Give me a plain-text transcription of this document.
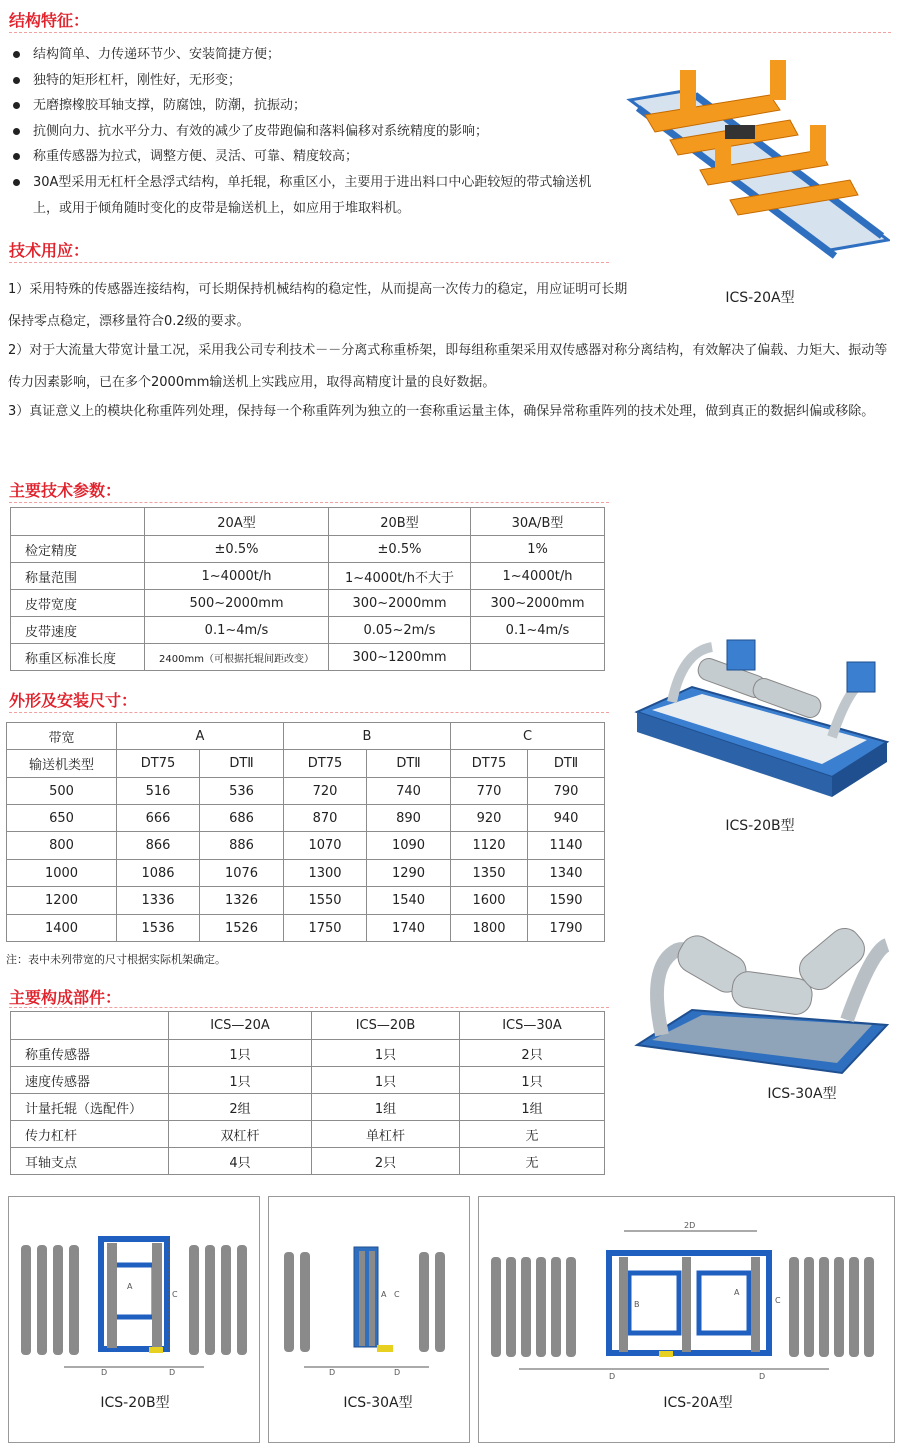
结构特征：
结构简单、力传递环节少、安装简捷方便；
独特的矩形杠杆，刚性好，无形变；
无磨擦橡胶耳轴支撑，防腐蚀，防潮，抗振动；
抗侧向力、抗水平分力、有效的减少了皮带跑偏和落料偏移对系统精度的影响；
称重传感器为拉式，调整方便、灵活、可靠、精度较高；
30A型采用无杠杆全悬浮式结构，单托辊，称重区小，主要用于进出料口中心距较短的带式输送机上，或用于倾角随时变化的皮带是输送机上，如应用于堆取料机。
ICS-20A型
技术用应：
1）采用特殊的传感器连接结构，可长期保持机械结构的稳定性，从而提高一次传力的稳定，用应证明可长期保持零点稳定，漂移量符合0.2级的要求。
2）对于大流量大带宽计量工况，采用我公司专利技术－－分离式称重桥架，即每组称重架采用双传感器对称分离结构，有效解决了偏载、力矩大、振动等传力因素影响，已在多个2000mm输送机上实践应用，取得高精度计量的良好数据。
3）真证意义上的模块化称重阵列处理，保持每一个称重阵列为独立的一套称重运量主体，确保异常称重阵列的技术处理，做到真正的数据纠偏或移除。
主要技术参数：
	20A型	20B型	30A/B型
检定精度	±0.5%	±0.5%	1%
称量范围	1~4000t/h	1~4000t/h不大于	1~4000t/h
皮带宽度	500~2000mm	300~2000mm	300~2000mm
皮带速度	0.1~4m/s	0.05~2m/s	0.1~4m/s
称重区标准长度	2400mm（可根据托辊间距改变）	300~1200mm	
ICS-20B型
外形及安装尺寸：
带宽	A		B		C	
输送机类型	DT75	DTⅡ	DT75	DTⅡ	DT75	DTⅡ
500	516	536	720	740	770	790
650	666	686	870	890	920	940
800	866	886	1070	1090	1120	1140
1000	1086	1076	1300	1290	1350	1340
1200	1336	1326	1550	1540	1600	1590
1400	1536	1526	1750	1740	1800	1790
注：表中未列带宽的尺寸根据实际机架确定。
ICS-30A型
主要构成部件：
	ICS—20A	ICS—20B	ICS—30A
称重传感器	1只	1只	2只
速度传感器	1只	1只	1只
计量托辊（选配件）	2组	1组	1组
传力杠杆	双杠杆	单杠杆	无
耳轴支点	4只	2只	无
D	D
A
C
ICS-20B型
D	D
A C
ICS-30A型
2D
D	D
B
A
C
ICS-20A型
